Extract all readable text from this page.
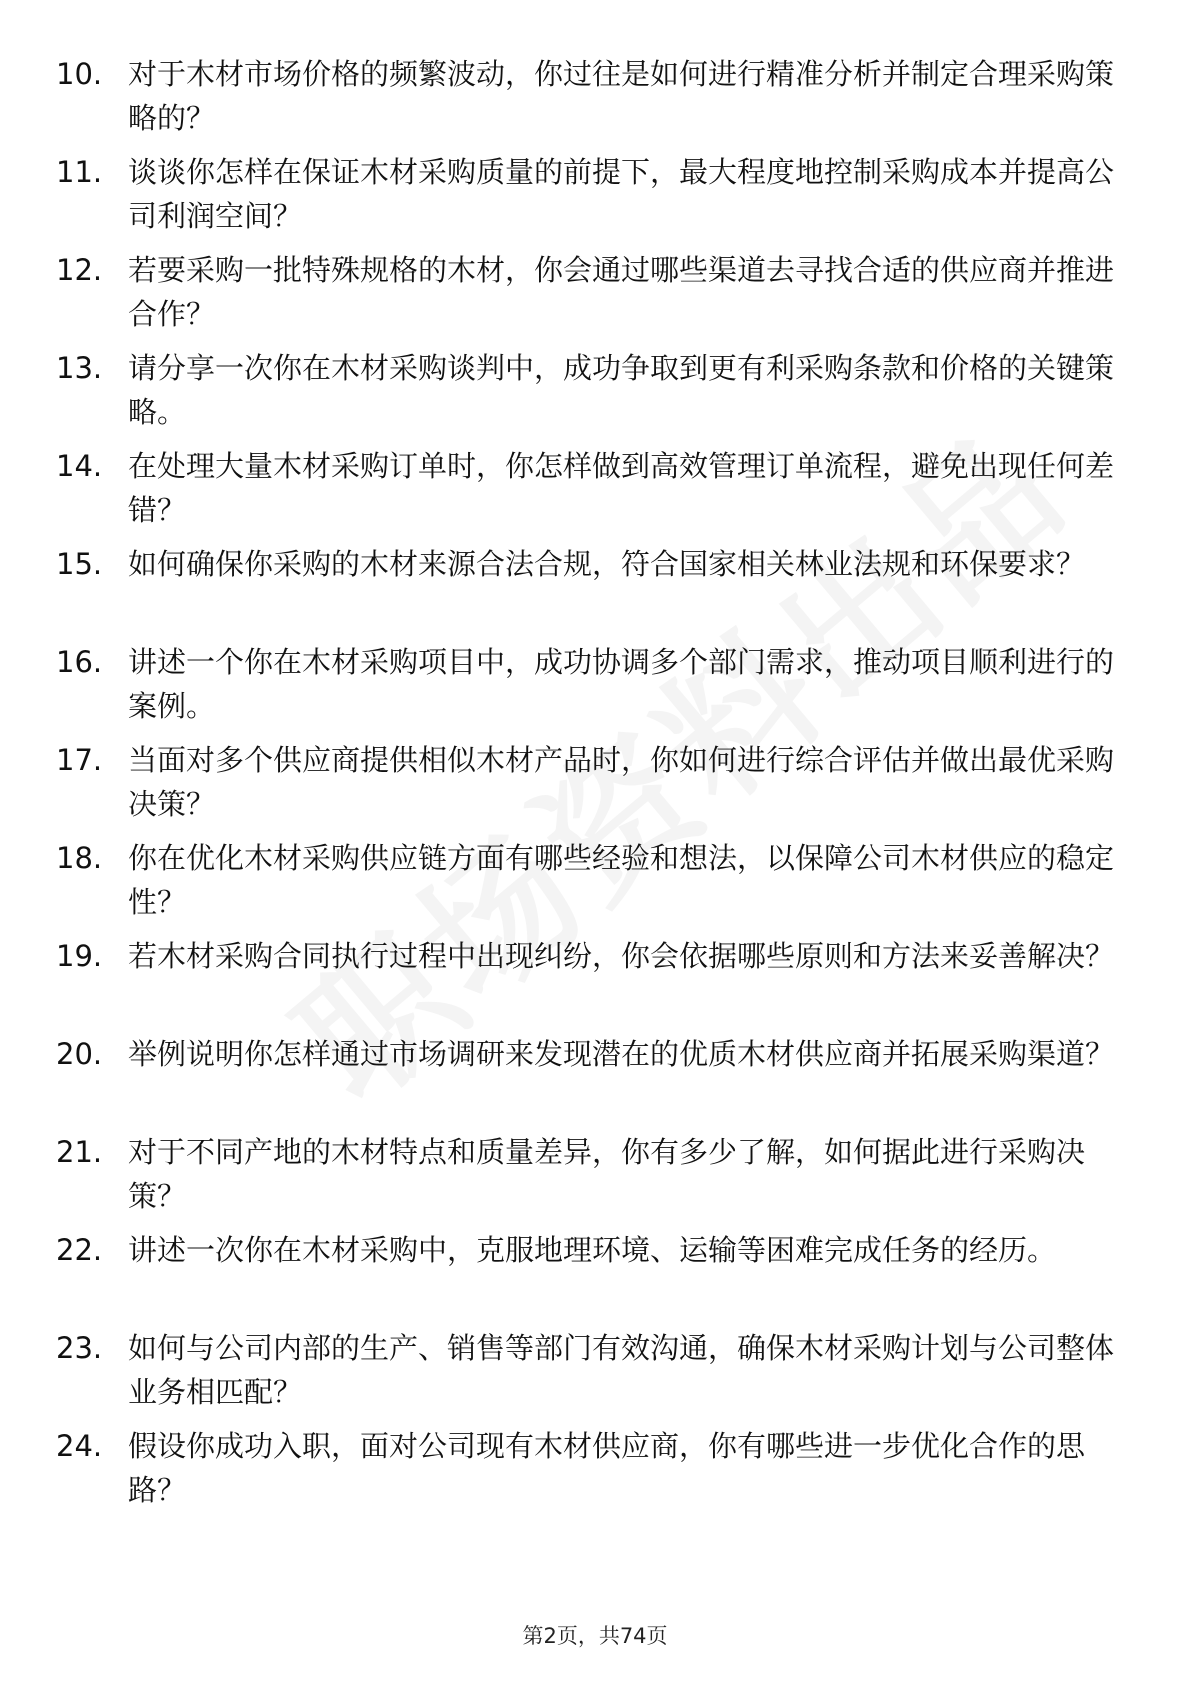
10. 对于木材市场价格的频繁波动，你过往是如何进行精准分析并制定合理采购策略的？
11. 谈谈你怎样在保证木材采购质量的前提下，最大程度地控制采购成本并提高公司利润空间？
12. 若要采购一批特殊规格的木材，你会通过哪些渠道去寻找合适的供应商并推进合作？
13. 请分享一次你在木材采购谈判中，成功争取到更有利采购条款和价格的关键策略。
14. 在处理大量木材采购订单时，你怎样做到高效管理订单流程，避免出现任何差错？
15. 如何确保你采购的木材来源合法合规，符合国家相关林业法规和环保要求？
16. 讲述一个你在木材采购项目中，成功协调多个部门需求，推动项目顺利进行的案例。
17. 当面对多个供应商提供相似木材产品时，你如何进行综合评估并做出最优采购决策？
18. 你在优化木材采购供应链方面有哪些经验和想法，以保障公司木材供应的稳定性？
19. 若木材采购合同执行过程中出现纠纷，你会依据哪些原则和方法来妥善解决？
20. 举例说明你怎样通过市场调研来发现潜在的优质木材供应商并拓展采购渠道？
21. 对于不同产地的木材特点和质量差异，你有多少了解，如何据此进行采购决策？
22. 讲述一次你在木材采购中，克服地理环境、运输等困难完成任务的经历。
23. 如何与公司内部的生产、销售等部门有效沟通，确保木材采购计划与公司整体业务相匹配？
24. 假设你成功入职，面对公司现有木材供应商，你有哪些进一步优化合作的思路？
第2页，共74页
